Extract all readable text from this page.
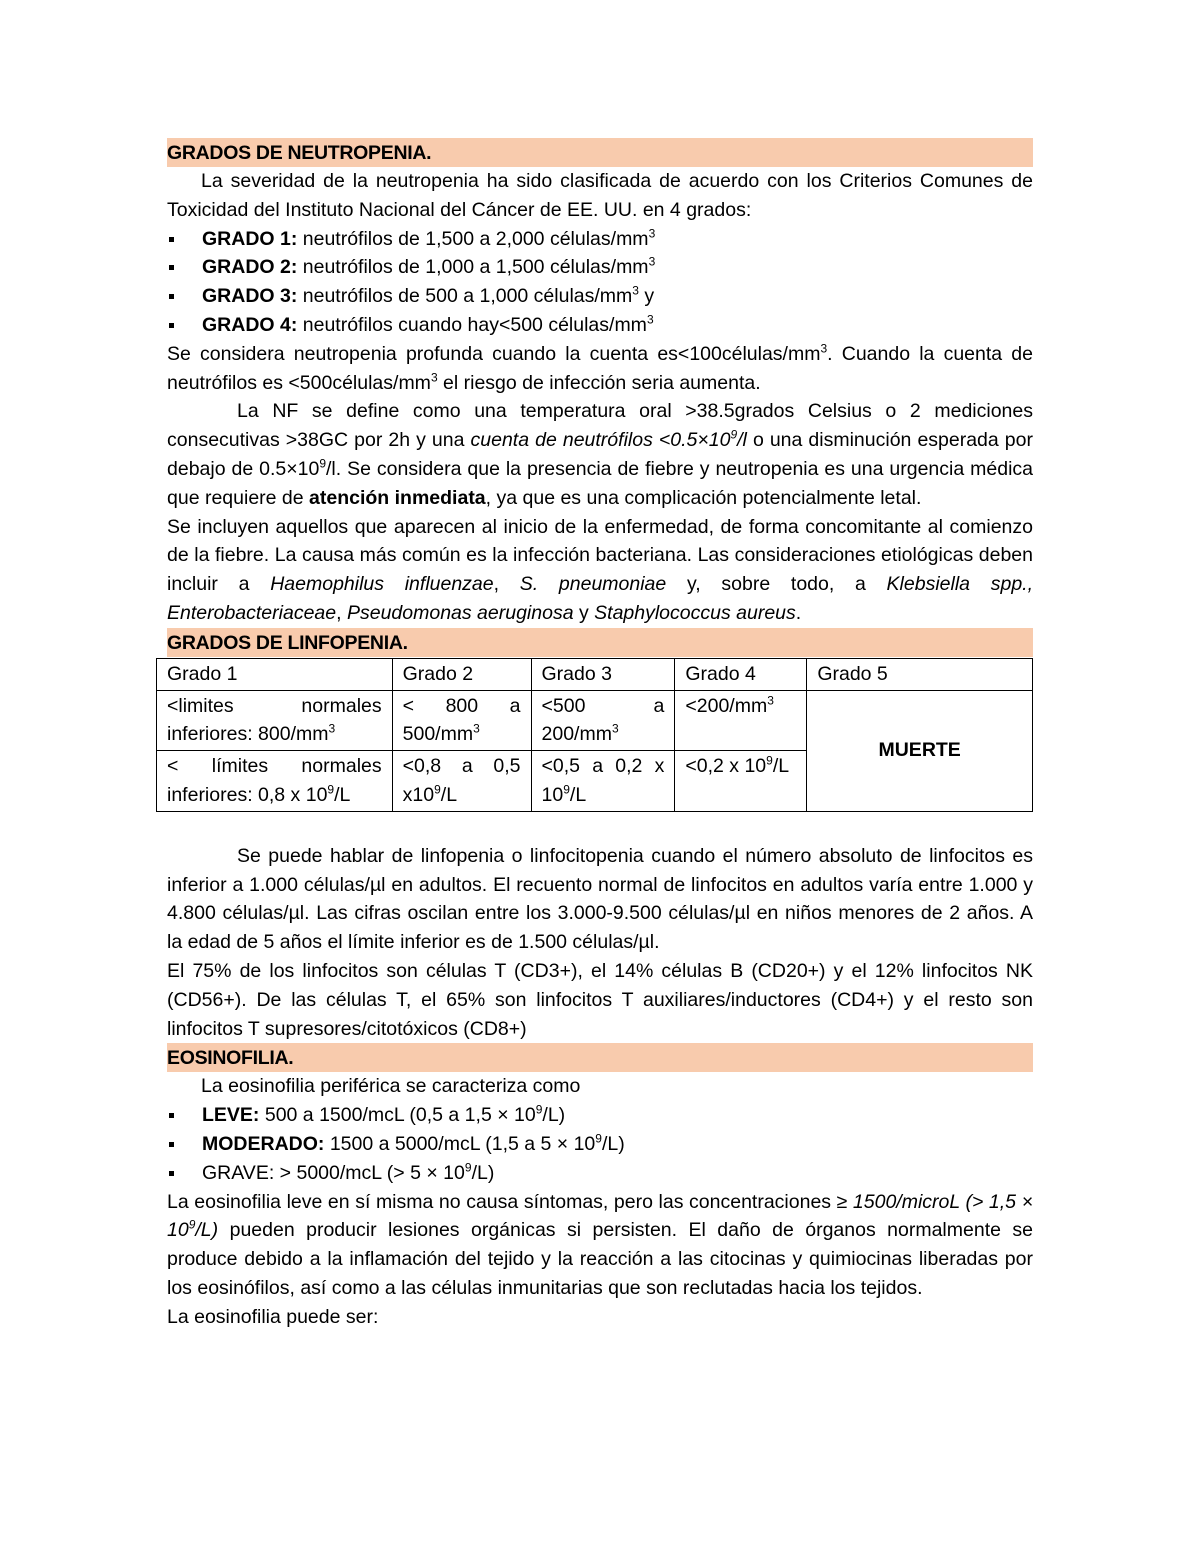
GRADOS DE NEUTROPENIA.
La severidad de la neutropenia ha sido clasificada de acuerdo con los Criterios Comunes de Toxicidad del Instituto Nacional del Cáncer de EE. UU. en 4 grados:
GRADO 1: neutrófilos de 1,500 a 2,000 células/$mm^3$
GRADO 2: neutrófilos de 1,000 a 1,500 células/$mm^3$
GRADO 3: neutrófilos de 500 a 1,000 células/$mm^3$ y
GRADO 4: neutrófilos cuando hay<500 células/$mm^3$
Se considera neutropenia profunda cuando la cuenta $es<100células/mm^3$. Cuando la cuenta de neutrófilos es $<500células/mm^3$ el riesgo de infección seria aumenta.
La NF se define como una temperatura oral >38.5grados Celsius o 2 mediciones consecutivas >38GC por 2h y una cuenta de neutrófilos $<0.5\times 10^9/l$ o una disminución esperada por debajo de $0.5\times 10^9/l$. Se considera que la presencia de fiebre y neutropenia es una urgencia médica que requiere de atención inmediata, ya que es una complicación potencialmente letal.
Se incluyen aquellos que aparecen al inicio de la enfermedad, de forma concomitante al comienzo de la fiebre. La causa más común es la infección bacteriana. Las consideraciones etiológicas deben incluir a Haemophilus influenzae, S. pneumoniae y, sobre todo, a Klebsiella spp., Enterobacteriaceae, Pseudomonas aeruginosa y Staphylococcus aureus.
GRADOS DE LINFOPENIA.
Grado 1	Grado 2	Grado 3	Grado 4	Grado 5
<limites normales inferiores: $800/mm^3$	< 800 a $500/mm^3$	<500 a $200/mm^3$	$<200/mm^3$	MUERTE
< límites normales inferiores: 0,8 x $10^9/L$	<0,8 a 0,5 $x10^9/L$	<0,5 a 0,2 x $10^9/L$	<0,2 x $10^9/L$	
Se puede hablar de linfopenia o linfocitopenia cuando el número absoluto de linfocitos es inferior a 1.000 células/µl en adultos. El recuento normal de linfocitos en adultos varía entre 1.000 y 4.800 células/µl. Las cifras oscilan entre los 3.000-9.500 células/µl en niños menores de 2 años. A la edad de 5 años el límite inferior es de 1.500 células/µl.
El 75% de los linfocitos son células T (CD3+), el 14% células B (CD20+) y el 12% linfocitos NK (CD56+). De las células T, el 65% son linfocitos T auxiliares/inductores (CD4+) y el resto son linfocitos T supresores/citotóxicos (CD8+)
EOSINOFILIA.
La eosinofilia periférica se caracteriza como
LEVE: 500 a 1500/mcL (0,5 a $1,5 \times 10^9/L$)
MODERADO: 1500 a 5000/mcL (1,5 a $5 \times 10^9/L$)
GRAVE: > 5000/mcL (> $5 \times 10^9/L$)
La eosinofilia leve en sí misma no causa síntomas, pero las concentraciones ≥ 1500/microL (> $1,5 \times 10^9/L$) pueden producir lesiones orgánicas si persisten. El daño de órganos normalmente se produce debido a la inflamación del tejido y la reacción a las citocinas y quimiocinas liberadas por los eosinófilos, así como a las células inmunitarias que son reclutadas hacia los tejidos.
La eosinofilia puede ser:
